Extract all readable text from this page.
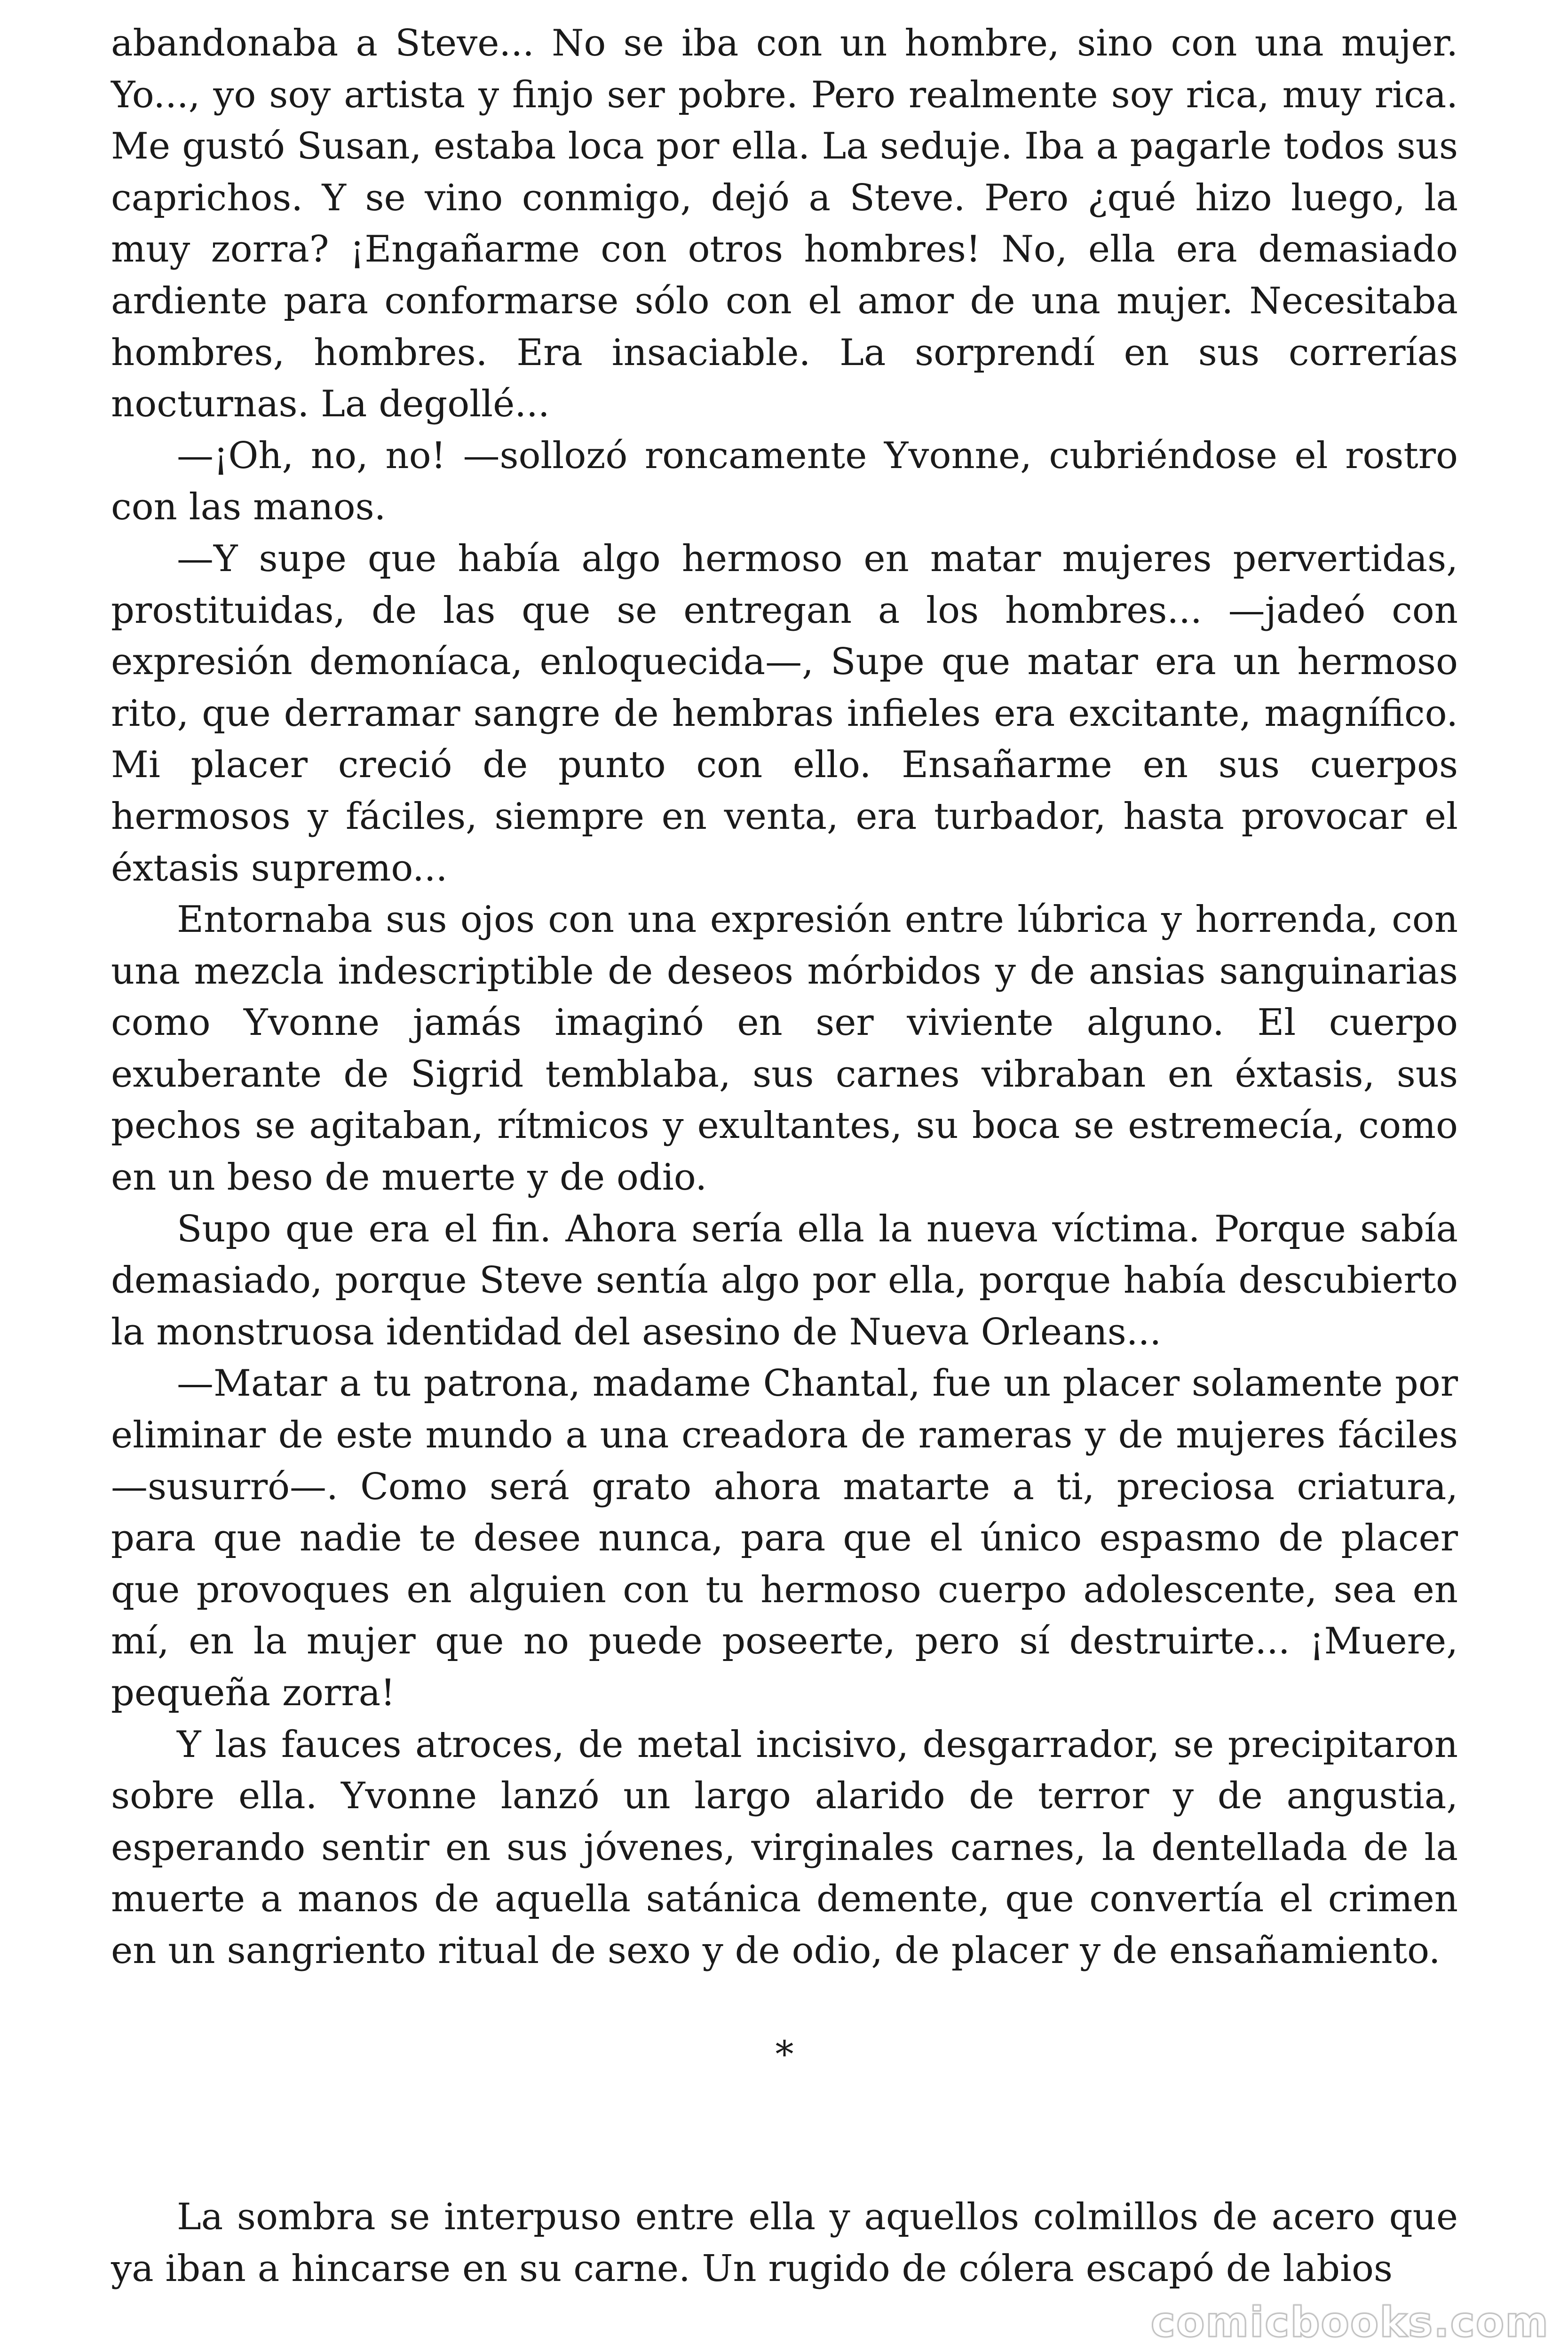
abandonaba a Steve... No se iba con un hombre, sino con una mujer. Yo..., yo soy artista y finjo ser pobre. Pero realmente soy rica, muy rica. Me gustó Susan, estaba loca por ella. La seduje. Iba a pagarle todos sus caprichos. Y se vino conmigo, dejó a Steve. Pero ¿qué hizo luego, la muy zorra? ¡Engañarme con otros hombres! No, ella era demasiado ardiente para conformarse sólo con el amor de una mujer. Necesitaba hombres, hombres. Era insaciable. La sorprendí en sus correrías nocturnas. La degollé...

—¡Oh, no, no! —sollozó roncamente Yvonne, cubriéndose el rostro con las manos.

—Y supe que había algo hermoso en matar mujeres pervertidas, prostituidas, de las que se entregan a los hombres... —jadeó con expresión demoníaca, enloquecida—, Supe que matar era un hermoso rito, que derramar sangre de hembras infieles era excitante, magnífico. Mi placer creció de punto con ello. Ensañarme en sus cuerpos hermosos y fáciles, siempre en venta, era turbador, hasta provocar el éxtasis supremo...

Entornaba sus ojos con una expresión entre lúbrica y horrenda, con una mezcla indescriptible de deseos mórbidos y de ansias sanguinarias como Yvonne jamás imaginó en ser viviente alguno. El cuerpo exuberante de Sigrid temblaba, sus carnes vibraban en éxtasis, sus pechos se agitaban, rítmicos y exultantes, su boca se estremecía, como en un beso de muerte y de odio.

Supo que era el fin. Ahora sería ella la nueva víctima. Porque sabía demasiado, porque Steve sentía algo por ella, porque había descubierto la monstruosa identidad del asesino de Nueva Orleans...

—Matar a tu patrona, madame Chantal, fue un placer solamente por eliminar de este mundo a una creadora de rameras y de mujeres fáciles —susurró—. Como será grato ahora matarte a ti, preciosa criatura, para que nadie te desee nunca, para que el único espasmo de placer que provoques en alguien con tu hermoso cuerpo adolescente, sea en mí, en la mujer que no puede poseerte, pero sí destruirte... ¡Muere, pequeña zorra!

Y las fauces atroces, de metal incisivo, desgarrador, se precipitaron sobre ella. Yvonne lanzó un largo alarido de terror y de angustia, esperando sentir en sus jóvenes, virginales carnes, la dentellada de la muerte a manos de aquella satánica demente, que convertía el crimen en un sangriento ritual de sexo y de odio, de placer y de ensañamiento.

*

La sombra se interpuso entre ella y aquellos colmillos de acero que ya iban a hincarse en su carne. Un rugido de cólera escapó de labios

comicbooks.com
